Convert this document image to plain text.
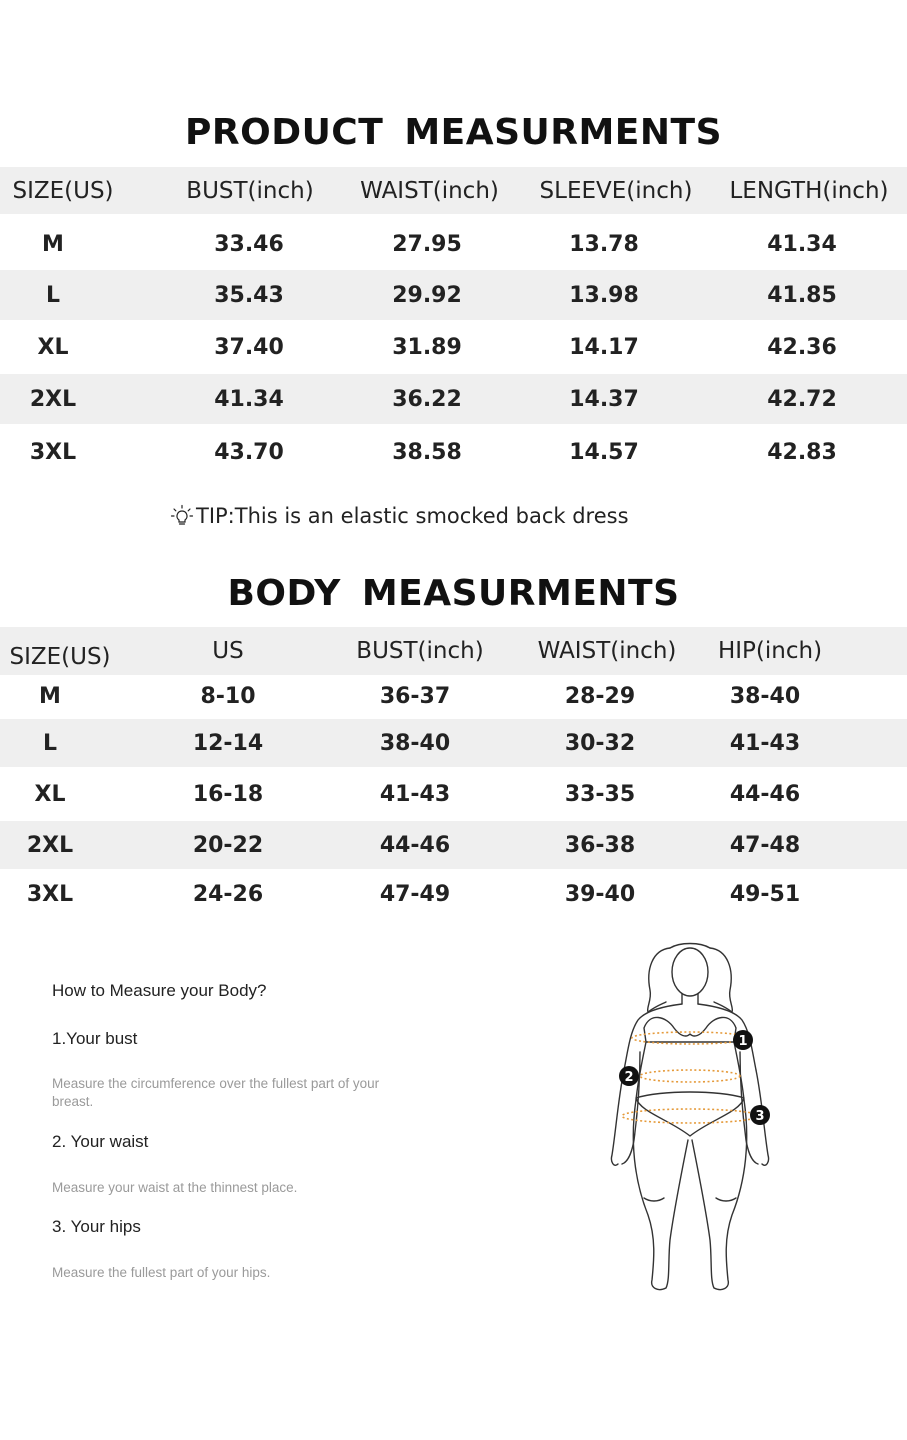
PRODUCT MEASURMENTS
SIZE(US)	BUST(inch)	WAIST(inch)	SLEEVE(inch)	LENGTH(inch)
M	33.46	27.95	13.78	41.34
L	35.43	29.92	13.98	41.85
XL	37.40	31.89	14.17	42.36
2XL	41.34	36.22	14.37	42.72
3XL	43.70	38.58	14.57	42.83
TIP:This is an elastic smocked back dress
BODY MEASURMENTS
SIZE(US)	US	BUST(inch)	WAIST(inch)	HIP(inch)
M	8-10	36-37	28-29	38-40
L	12-14	38-40	30-32	41-43
XL	16-18	41-43	33-35	44-46
2XL	20-22	44-46	36-38	47-48
3XL	24-26	47-49	39-40	49-51
How to Measure your Body?
1.Your bust
Measure the circumference over the fullest part of your breast.
2. Your waist
Measure your waist at the thinnest place.
3. Your hips
Measure the fullest part of your hips.
1
2
3
